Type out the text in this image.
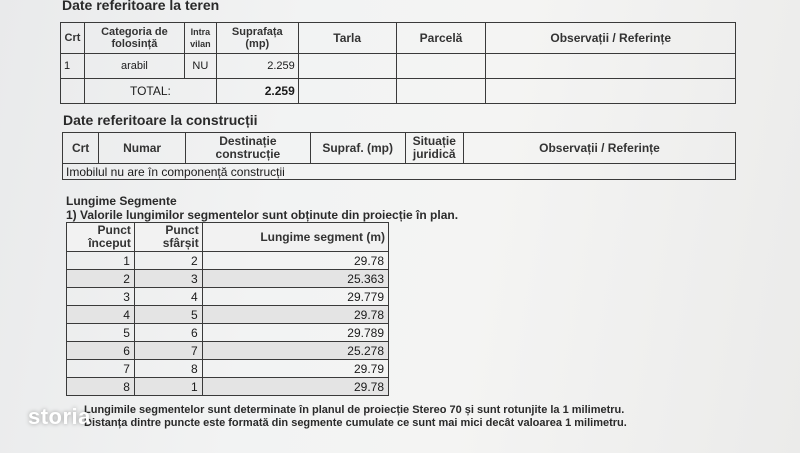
Date referitoare la teren
Crt	Categoria de folosință	Intra vilan	Suprafața (mp)	Tarla	Parcelă	Observații / Referințe
1	arabil	NU	2.259			
	TOTAL:		2.259			
Date referitoare la construcții
Crt	Numar	Destinație construcție	Supraf. (mp)	Situație juridică	Observații / Referințe
Imobilul nu are în componență construcții
Lungime Segmente
1) Valorile lungimilor segmentelor sunt obținute din proiecție în plan.
Punct început	Punct sfârșit	Lungime segment (m)
1	2	29.78
2	3	25.363
3	4	29.779
4	5	29.78
5	6	29.789
6	7	25.278
7	8	29.79
8	1	29.78
Lungimile segmentelor sunt determinate în planul de proiecție Stereo 70 și sunt rotunjite la 1 milimetru.
Distanța dintre puncte este formată din segmente cumulate ce sunt mai mici decât valoarea 1 milimetru.
storia
